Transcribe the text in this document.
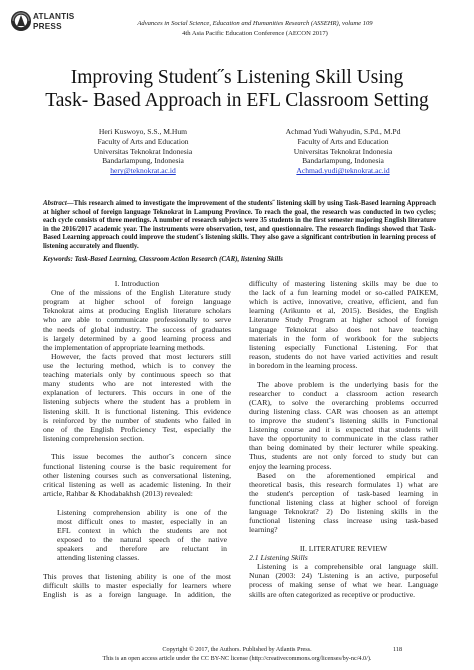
ATLANTIS
PRESS	Advances in Social Science, Education and Humanities Research (ASSEHR), volume 109
4th Asia Pacific Education Conference (AECON 2017)
Improving Student˝s Listening Skill Using
Task- Based Approach in EFL Classroom Setting
Heri Kuswoyo, S.S., M.Hum
Faculty of Arts and Education
Universitas Teknokrat Indonesia
Bandarlampung, Indonesia
hery@teknokrat.ac.id
Achmad Yudi Wahyudin, S.Pd., M.Pd
Faculty of Arts and Education
Universitas Teknokrat Indonesia
Bandarlampung, Indonesia
Achmad.yudi@teknokrat.ac.id
Abstract—This research aimed to investigate the improvement of the students˝ listening skill by using Task-Based learning Approach at higher school of foreign language Teknokrat in Lampung Province. To reach the goal, the research was conducted in two cycles; each cycle consists of three meetings. A number of research subjects were 35 students in the first semester majoring English literature in the 2016/2017 academic year. The instruments were observation, test, and questionnaire. The research findings showed that Task- Based Learning approach could improve the student˝s listening skills. They also gave a significant contribution in learning process of listening accurately and fluently.
Keywords: Task-Based Learning, Classroom Action Research (CAR), listening Skills
I. Introduction
One of the missions of the English Literature study
program at higher school of foreign language
Teknokrat aims at producing English literature scholars
who are able to communicate professionally to serve
the needs of global industry. The success of graduates
is largely determined by a good learning process and
the implementation of appropriate learning methods.
However, the facts proved that most lecturers still
use the lecturing method, which is to convey the
teaching materials only by continuous speech so that
many students who are not interested with the
explanation of lecturers. This occurs in one of the
listening subjects where the student has a problem in
listening skill. It is functional listening. This evidence
is reinforced by the number of students who failed in
one of the English Proficiency Test, especially the
listening comprehension section.
This issue becomes the author˝s concern since
functional listening course is the basic requirement for
other listening courses such as conversational listening,
critical listening as well as academic listening. In their
article, Rahbar & Khodabakhsh (2013) revealed:
Listening comprehension ability is one of the
most difficult ones to master, especially in an
EFL context in which the students are not
exposed to the natural speech of the native
speakers and therefore are reluctant in
attending listening classes.
This proves that listening ability is one of the most
difficult skills to master especially for learners where
English is as a foreign language. In addition, the
difficulty of mastering listening skills may be due to
the lack of a fun learning model or so-called PAIKEM,
which is active, innovative, creative, efficient, and fun
learning (Arikunto et al, 2015). Besides, the English
Literature Study Program at higher school of foreign
language Teknokrat also does not have teaching
materials in the form of workbook for the subjects
listening especially Functional Listening. For that
reason, students do not have varied activities and result
in boredom in the learning process.
The above problem is the underlying basis for the
researcher to conduct a classroom action research
(CAR), to solve the overarching problems occurred
during listening class. CAR was choosen as an attempt
to improve the student˝s listening skills in Functional
Listening course and it is expected that students will
have the opportunity to communicate in the class rather
than being dominated by their lecturer while speaking.
Thus, students are not only forced to study but can
enjoy the learning process.
Based on the aforementioned empirical and
theoretical basis, this research formulates 1) what are
the student's perception of task-based learning in
functional listening class at higher school of foreign
language Teknokrat? 2) Do listening skills in the
functional listening class increase using task-based
learning?
II. LITERATURE REVIEW
2.1 Listening Skills
Listening is a comprehensible oral language skill.
Nunan (2003: 24) 'Listening is an active, purposeful
process of making sense of what we hear. Language
skills are often categorized as receptive or productive.
Copyright © 2017, the Authors. Published by Atlantis Press.	118
This is an open access article under the CC BY-NC license (http://creativecommons.org/licenses/by-nc/4.0/).
